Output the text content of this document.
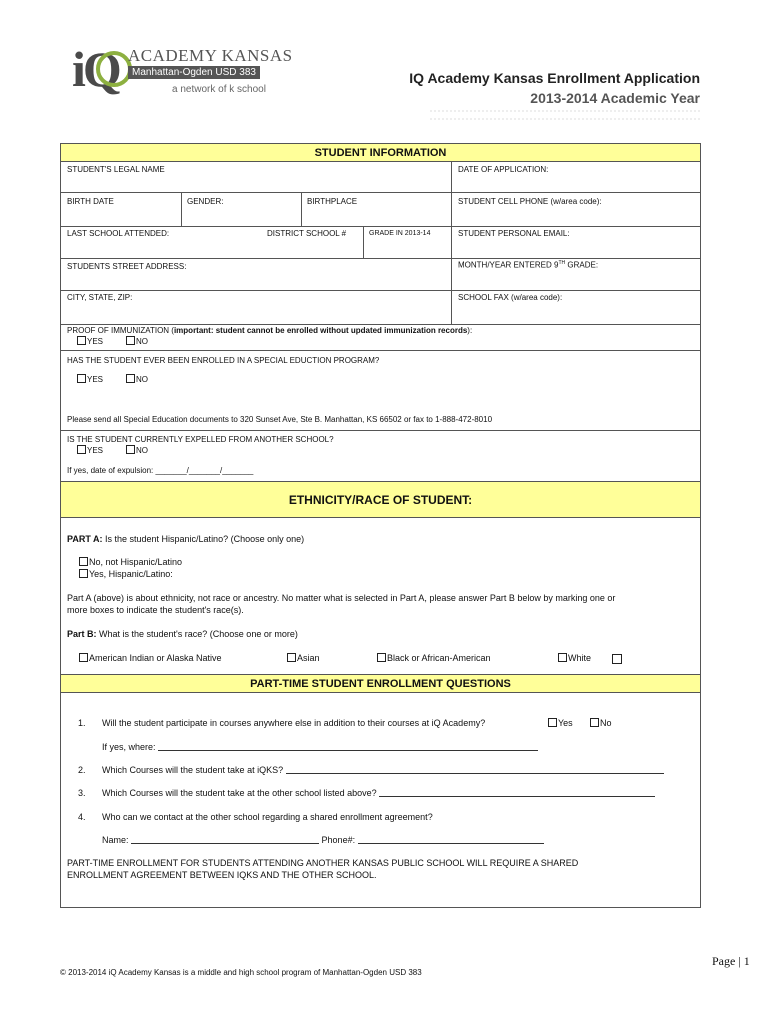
iQ ACADEMY KANSAS
Manhattan-Ogden USD 383
a network of k school
IQ Academy Kansas Enrollment Application
2013-2014 Academic Year
STUDENT INFORMATION
STUDENT'S LEGAL NAME	DATE OF APPLICATION:
BIRTH DATE	GENDER:	BIRTHPLACE	STUDENT CELL PHONE (w/area code):
LAST SCHOOL ATTENDED:	DISTRICT SCHOOL #	GRADE IN 2013-14	STUDENT PERSONAL EMAIL:
STUDENTS STREET ADDRESS:	MONTH/YEAR ENTERED 9TH GRADE:
CITY, STATE, ZIP:	SCHOOL FAX (w/area code):
PROOF OF IMMUNIZATION (important: student cannot be enrolled without updated immunization records):
YES	NO
HAS THE STUDENT EVER BEEN ENROLLED IN A SPECIAL EDUCTION PROGRAM?
YES	NO
Please send all Special Education documents to 320 Sunset Ave, Ste B. Manhattan, KS 66502 or fax to 1-888-472-8010
IS THE STUDENT CURRENTLY EXPELLED FROM ANOTHER SCHOOL?
YES	NO
If yes, date of expulsion: _______/_______/_______
ETHNICITY/RACE OF STUDENT:
PART A: Is the student Hispanic/Latino? (Choose only one)
No, not Hispanic/Latino
Yes, Hispanic/Latino:
Part A (above) is about ethnicity, not race or ancestry. No matter what is selected in Part A, please answer Part B below by marking one or
more boxes to indicate the student's race(s).
Part B: What is the student's race? (Choose one or more)
American Indian or Alaska Native	Asian	Black or African-American	White
PART-TIME STUDENT ENROLLMENT QUESTIONS
1. Will the student participate in courses anywhere else in addition to their courses at iQ Academy?	Yes	No
If yes, where:
2. Which Courses will the student take at iQKS?
3. Which Courses will the student take at the other school listed above?
4. Who can we contact at the other school regarding a shared enrollment agreement?
Name:	Phone#:
PART-TIME ENROLLMENT FOR STUDENTS ATTENDING ANOTHER KANSAS PUBLIC SCHOOL WILL REQUIRE A SHARED
ENROLLMENT AGREEMENT BETWEEN IQKS AND THE OTHER SCHOOL.
Page | 1
© 2013-2014 iQ Academy Kansas is a middle and high school program of Manhattan-Ogden USD 383
